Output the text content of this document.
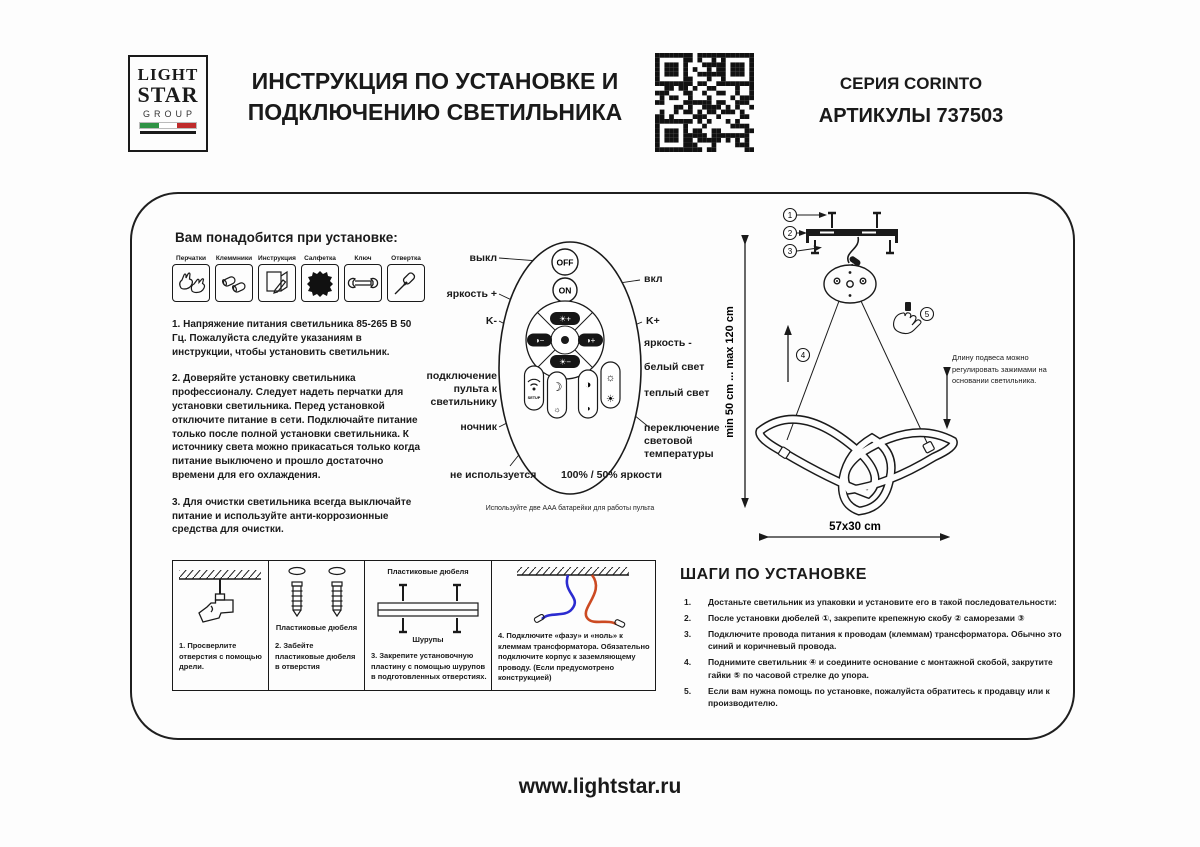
LIGHT
STAR
GROUP
ИНСТРУКЦИЯ ПО УСТАНОВКЕ И
ПОДКЛЮЧЕНИЮ СВЕТИЛЬНИКА
СЕРИЯ CORINTO
АРТИКУЛЫ 737503
Вам понадобится при установке:
Перчатки	Клеммники Инструкция	Салфетка	Ключ	Отвертка

1. Напряжение питания светильника 85-265 В 50 Гц. Пожалуйста следуйте указаниям в инструкции, чтобы установить светильник.

2. Доверяйте установку светильника профессионалу. Следует надеть перчатки для установки светильника. Перед установкой отключите питание в сети. Подключайте питание только после полной установки светильника. К источнику света можно прикасаться только когда питание выключено и прошло достаточно времени для его охлаждения.

3. Для очистки светильника всегда выключайте питание и используйте анти-коррозионные средства для очистки.

OFF
ON
☀+
☀−
◑−	◑+
SETUP
☽
☼
◑
◑
☼
☀
выкл
вкл
яркость +
K-	K+
яркость -
белый свет
теплый свет
подключение пульта к светильнику
ночник
не используется
переключение световой температуры
100% / 50% яркости
Используйте две AAA батарейки для работы пульта
1
2
3
4
5
min 50 cm ... max 120 cm
57x30 cm
Длину подвеса можно регулировать зажимами на основании светильника.
1. Просверлите отверстия с помощью дрели.
Пластиковые дюбеля
2. Забейте пластиковые дюбеля в отверстия
Пластиковые дюбеля
Шурупы
3. Закрепите установочную пластину с помощью шурупов в подготовленных отверстиях.
4. Подключите «фазу» и «ноль» к клеммам трансформатора. Обязательно подключите корпус к заземляющему проводу. (Если предусмотрено конструкцией)
ШАГИ ПО УСТАНОВКЕ
1.	Достаньте светильник из упаковки и установите его в такой последовательности:
2.	После установки дюбелей ①, закрепите крепежную скобу ② саморезами ③
3.	Подключите провода питания к проводам (клеммам) трансформатора. Обычно это синий и коричневый провода.
4.	Поднимите светильник ④ и соедините основание с монтажной скобой, закрутите гайки ⑤ по часовой стрелке до упора.
5.	Если вам нужна помощь по установке, пожалуйста обратитесь к продавцу или к производителю.
www.lightstar.ru
